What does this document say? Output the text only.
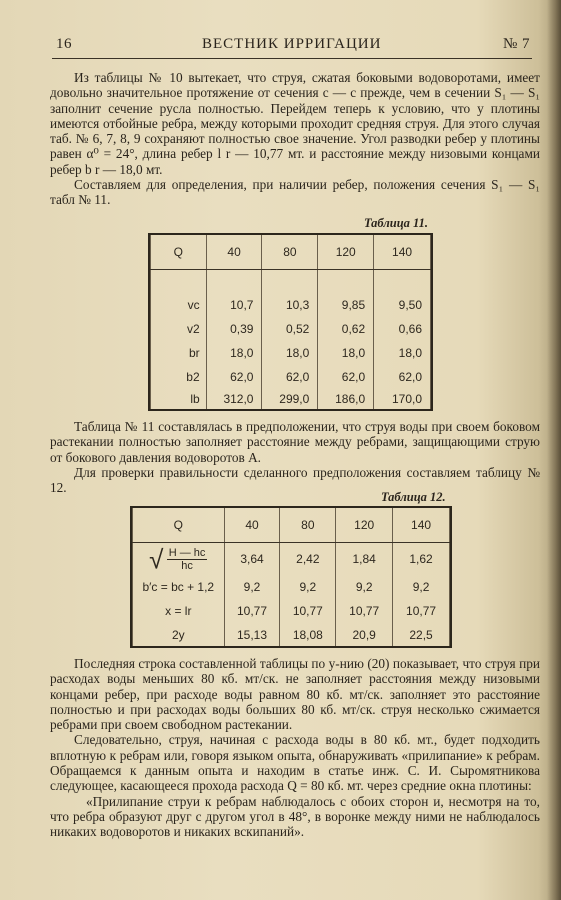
16	ВЕСТНИК ИРРИГАЦИИ	№ 7

Из таблицы № 10 вытекает, что струя, сжатая боковыми водоворотами, имеет довольно значительное протяжение от сечения c — c прежде, чем в сечении S₁ — S₁ заполнит сечение русла полностью. Перейдем теперь к условию, что у плотины имеются отбойные ребра, между которыми проходит средняя струя. Для этого случая таб. № 6, 7, 8, 9 сохраняют полностью свое значение. Угол разводки ребер у плотины равен α⁰ = 24°, длина ребер l r — 10,77 мт. и расстояние между низовыми концами ребер b r — 18,0 мт.

Составляем для определения, при наличии ребер, положения сечения S₁ — S₁ табл № 11.

Таблица 11.
Q	40	80	120	140

vc	10,7	10,3	9,85	9,50
v2	0,39	0,52	0,62	0,66
br	18,0	18,0	18,0	18,0
b2	62,0	62,0	62,0	62,0
lb	312,0	299,0	186,0	170,0

Таблица № 11 составлялась в предположении, что струя воды при своем боковом растекании полностью заполняет расстояние между ребрами, защищающими струю от бокового давления водоворотов А.

Для проверки правильности сделанного предположения составляем таблицу № 12.

Таблица 12.
Q	40	80	120	140
√ $\frac{H — hc}{hc}$	3,64	2,42	1,84	1,62
b′c = bc + 1,2	9,2	9,2	9,2	9,2
x = lr	10,77	10,77	10,77	10,77
2y	15,13	18,08	20,9	22,5

Последняя строка составленной таблицы по у-нию (20) показывает, что струя при расходах воды меньших 80 кб. мт/ск. не заполняет расстояния между низовыми концами ребер, при расходе воды равном 80 кб. мт/ск. заполняет это расстояние полностью и при расходах воды больших 80 кб. мт/ск. струя несколько сжимается ребрами при своем свободном растекании.

Следовательно, струя, начиная с расхода воды в 80 кб. мт., будет подходить вплотную к ребрам или, говоря языком опыта, обнаруживать «прилипание» к ребрам. Обращаемся к данным опыта и находим в статье инж. С. И. Сыромятникова следующее, касающееся прохода расхода Q = 80 кб. мт. через средние окна плотины:

«Прилипание струи к ребрам наблюдалось с обоих сторон и, несмотря на то, что ребра образуют друг с другом угол в 48°, в воронке между ними не наблюдалось никаких водоворотов и никаких вскипаний».
